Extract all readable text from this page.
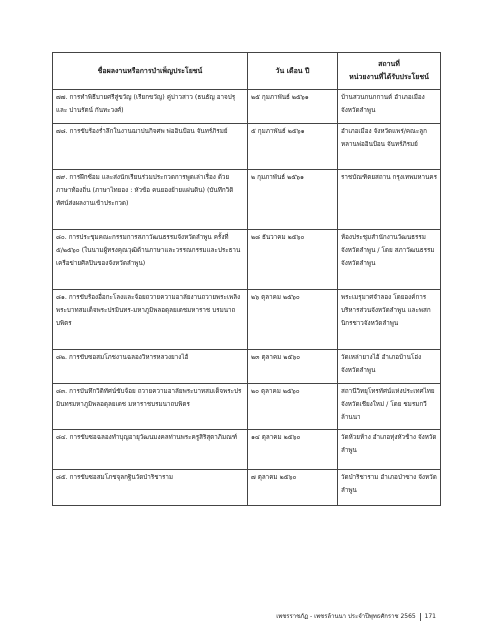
ชื่อผลงานหรือการบำเพ็ญประโยชน์	วัน เดือน ปี	สถานที่
หน่วยงานที่ได้รับประโยชน์

๗๗. การทำพิธีบายศรีสู่ขวัญ (เรียกขวัญ) คู่บ่าวสาว (ธนธัญ อาจปรุ และ ปานรัตน์ กันทะวงศ์)	๒๕ กุมภาพันธ์ ๒๕๖๑	บ้านสวนกนกกานต์ อำเภอเมือง จังหวัดลำพูน
๗๘. การขับร้องร่ำลึกในงานฌาปนกิจศพ พ่ออินป้อน จันทร์ภิรมย์	๕ กุมภาพันธ์ ๒๕๖๑	อำเภอเมือง จังหวัดแพร่/คณะลูกหลานพ่ออินป้อน จันทร์ภิรมย์
๗๙. การฝึกซ้อม และส่งนักเรียนร่วมประกวดการพูดเล่าเรื่อง ด้วยภาษาท้องถิ่น (ภาษาไทยอง : หัวข้อ คนยองย้ายแผ่นดิน) (บันทึกวิดิทัศน์ส่งผลงานเข้าประกวด)	๒ กุมภาพันธ์ ๒๕๖๑	ราชบัณฑิตยสถาน กรุงเทพมหานคร
๘๐. การประชุมคณะกรรมการสภาวัฒนธรรมจังหวัดลำพูน ครั้งที่ ๕/๒๕๖๐ (ในนามผู้ทรงคุณวุฒิด้านภาษาและวรรณกรรมและประธานเครือข่ายศิลปินของจังหวัดลำพูน)	๒๘ ธันวาคม ๒๕๖๐	ห้องประชุมสำนักงานวัฒนธรรมจังหวัดลำพูน / โดย สภาวัฒนธรรมจังหวัดลำพูน
๘๑. การขับร้องอื่อกะโลงและจ้อยถวายความอาลัยงานถวายพระเพลิงพระบาทสมเด็จพระปรมินทร-มหาภูมิพลอดุลยเดชมหาราช บรมนาถบพิตร	๒๖ ตุลาคม ๒๕๖๐	พระเมรุมาศจำลอง โดยองค์การบริหารส่วนจังหวัดลำพูน และพสกนิกรชาวจังหวัดลำพูน
๘๒. การขับซอสมโภชงานฉลองวิหารหลวงยางไฮ้	๒๓ ตุลาคม ๒๕๖๐	วัดเหล่ายางไฮ้ อำเภอบ้านโฮ่ง จังหวัดลำพูน
๘๓. การบันทึกวิดิทัศน์ขับจ้อย ถวายความอาลัยพระบาทสมเด็จพระปรมินทรมหาภูมิพลอดุลยเดช มหาราชบรมนาถบพิตร	๒๐ ตุลาคม ๒๕๖๐	สถานีวิทยุโทรทัศน์แห่งประเทศไทย จังหวัดเชียงใหม่ / โดย ชมรมกวีล้านนา
๘๔. การขับซอฉลองทำบุญอายุวัฒนมงคลท่านพระครูสิริสุตาภิมณฑ์	๑๔ ตุลาคม ๒๕๖๐	วัดห้วยห้าง อำเภอทุ่งหัวช้าง จังหวัดลำพูน
๘๕. การขับซอสมโภชจุลกฐินวัดป่าริชาราม	๗ ตุลาคม ๒๕๖๐	วัดป่าริชาราม อำเภอป่าซาง จังหวัดลำพูน
เพชรราชภัฏ - เพชรล้านนา ประจำปีพุทธศักราช 2565 171
